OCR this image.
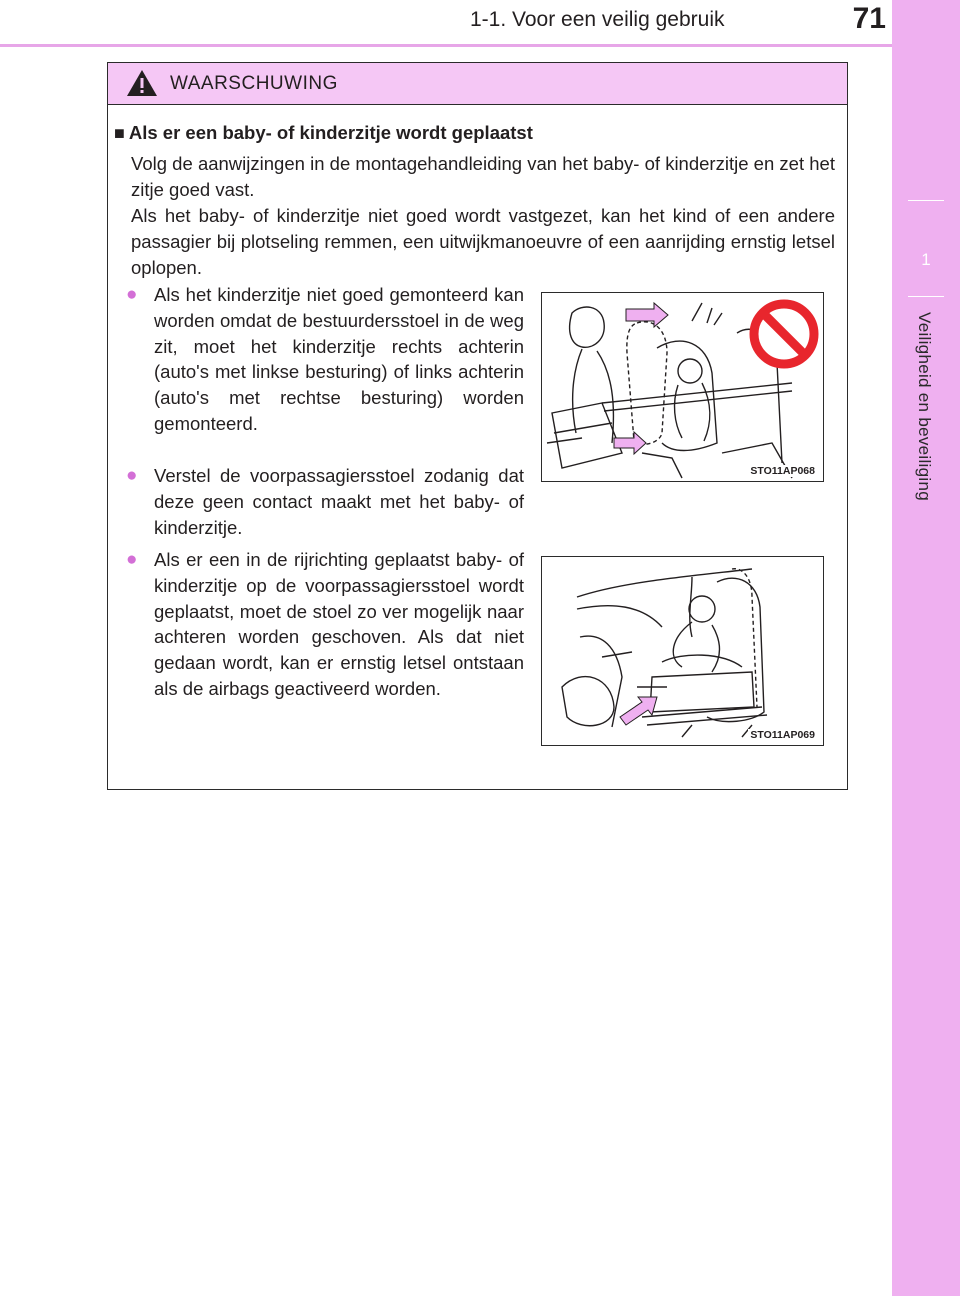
1-1. Voor een veilig gebruik	71
1
Veiligheid en beveiliging
WAARSCHUWING
■ Als er een baby- of kinderzitje wordt geplaatst

Volg de aanwijzingen in de montagehandleiding van het baby- of kinderzitje en zet het zitje goed vast.

Als het baby- of kinderzitje niet goed wordt vastgezet, kan het kind of een andere passagier bij plotseling remmen, een uitwijkmanoeuvre of een aanrijding ernstig letsel oplopen.

● Als het kinderzitje niet goed gemonteerd kan worden omdat de bestuurdersstoel in de weg zit, moet het kinderzitje rechts achterin (auto's met linkse besturing) of links achterin (auto's met rechtse besturing) worden gemonteerd.
● Verstel de voorpassagiersstoel zodanig dat deze geen contact maakt met het baby- of kinderzitje.
● Als er een in de rijrichting geplaatst baby- of kinderzitje op de voorpassagiersstoel wordt geplaatst, moet de stoel zo ver mogelijk naar achteren worden geschoven. Als dat niet gedaan wordt, kan er ernstig letsel ontstaan als de airbags geactiveerd worden.
STO11AP068
STO11AP069
